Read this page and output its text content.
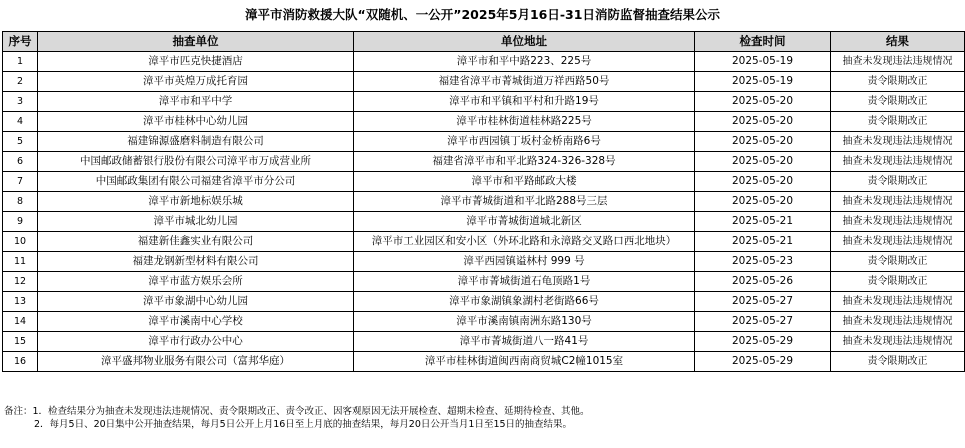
漳平市消防救援大队“双随机、一公开”2025年5月16日-31日消防监督抽查结果公示
序号	抽查单位	单位地址	检查时间	结果
1	漳平市匹克快捷酒店	漳平市和平中路223、225号	2025-05-19	抽查未发现违法违规情况
2	漳平市英煌万成托育园	福建省漳平市菁城街道万祥西路50号	2025-05-19	责令限期改正
3	漳平市和平中学	漳平市和平镇和平村和升路19号	2025-05-20	责令限期改正
4	漳平市桂林中心幼儿园	漳平市桂林街道桂林路225号	2025-05-20	责令限期改正
5	福建锦源盛磨料制造有限公司	漳平市西园镇丁坂村金桥南路6号	2025-05-20	抽查未发现违法违规情况
6	中国邮政储蓄银行股份有限公司漳平市万成营业所	福建省漳平市和平北路324-326-328号	2025-05-20	抽查未发现违法违规情况
7	中国邮政集团有限公司福建省漳平市分公司	漳平市和平路邮政大楼	2025-05-20	责令限期改正
8	漳平市新地标娱乐城	漳平市菁城街道和平北路288号三层	2025-05-20	抽查未发现违法违规情况
9	漳平市城北幼儿园	漳平市菁城街道城北新区	2025-05-21	抽查未发现违法违规情况
10	福建新佳鑫实业有限公司	漳平市工业园区和安小区（外环北路和永漳路交叉路口西北地块）	2025-05-21	抽查未发现违法违规情况
11	福建龙钢新型材料有限公司	漳平西园镇谥林村 999 号	2025-05-23	责令限期改正
12	漳平市蓝方娱乐会所	漳平市菁城街道石龟顶路1号	2025-05-26	责令限期改正
13	漳平市象湖中心幼儿园	漳平市象湖镇象湖村老街路66号	2025-05-27	抽查未发现违法违规情况
14	漳平市溪南中心学校	漳平市溪南镇南洲东路130号	2025-05-27	抽查未发现违法违规情况
15	漳平市行政办公中心	漳平市菁城街道八一路41号	2025-05-29	抽查未发现违法违规情况
16	漳平盛邦物业服务有限公司（富邦华庭）	漳平市桂林街道闽西南商贸城C2幢1015室	2025-05-29	责令限期改正
备注：1．检查结果分为抽查未发现违法违规情况、责令限期改正、责令改正、因客观原因无法开展检查、超期未检查、延期待检查、其他。
2．每月5日、20日集中公开抽查结果，每月5日公开上月16日至上月底的抽查结果，每月20日公开当月1日至15日的抽查结果。
